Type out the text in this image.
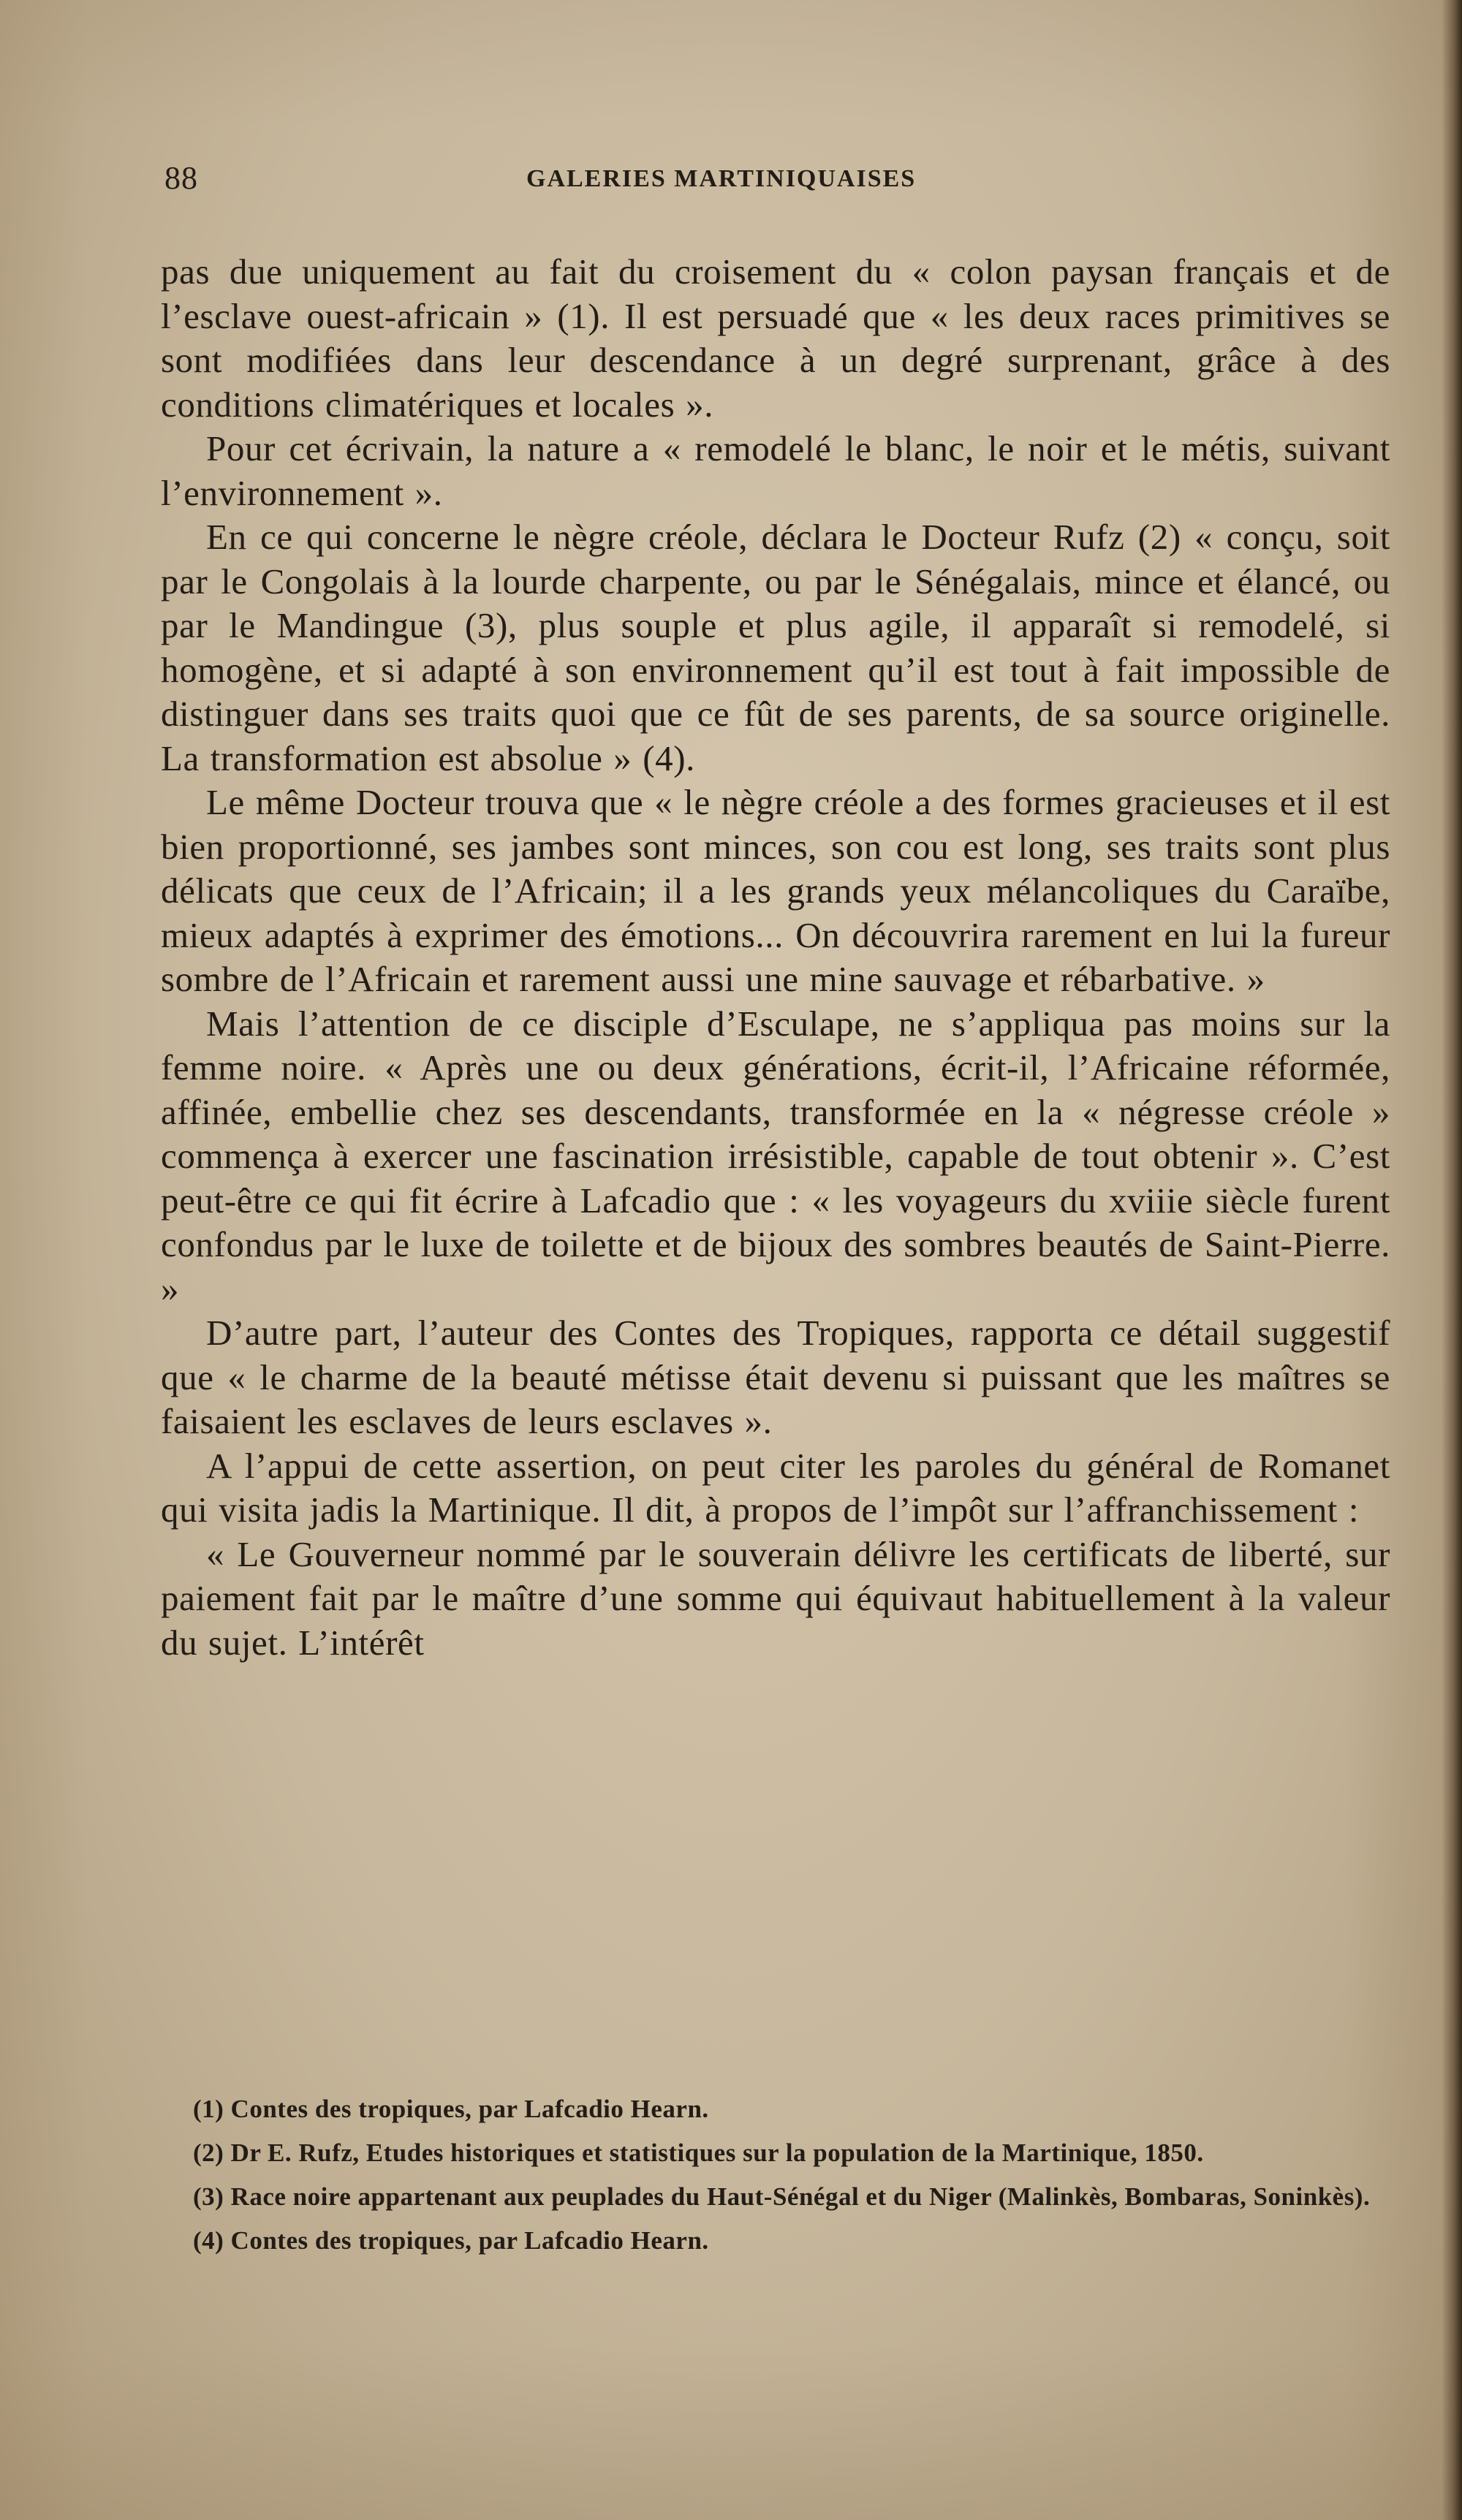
88	GALERIES MARTINIQUAISES

pas due uniquement au fait du croisement du « colon paysan français et de l’esclave ouest-africain » (1). Il est persuadé que « les deux races primitives se sont modifiées dans leur descendance à un degré surprenant, grâce à des conditions climatériques et locales ».

Pour cet écrivain, la nature a « remodelé le blanc, le noir et le métis, suivant l’environnement ».

En ce qui concerne le nègre créole, déclara le Docteur Rufz (2) « conçu, soit par le Congolais à la lourde charpente, ou par le Sénégalais, mince et élancé, ou par le Mandingue (3), plus souple et plus agile, il apparaît si remodelé, si homogène, et si adapté à son environnement qu’il est tout à fait impossible de distinguer dans ses traits quoi que ce fût de ses parents, de sa source originelle. La transformation est absolue » (4).

Le même Docteur trouva que « le nègre créole a des formes gracieuses et il est bien proportionné, ses jambes sont minces, son cou est long, ses traits sont plus délicats que ceux de l’Africain; il a les grands yeux mélancoliques du Caraïbe, mieux adaptés à exprimer des émotions... On découvrira rarement en lui la fureur sombre de l’Africain et rarement aussi une mine sauvage et rébarbative. »

Mais l’attention de ce disciple d’Esculape, ne s’appliqua pas moins sur la femme noire. « Après une ou deux générations, écrit-il, l’Africaine réformée, affinée, embellie chez ses descendants, transformée en la « négresse créole » commença à exercer une fascination irrésistible, capable de tout obtenir ». C’est peut-être ce qui fit écrire à Lafcadio que : « les voyageurs du xviiie siècle furent confondus par le luxe de toilette et de bijoux des sombres beautés de Saint-Pierre. »

D’autre part, l’auteur des Contes des Tropiques, rapporta ce détail suggestif que « le charme de la beauté métisse était devenu si puissant que les maîtres se faisaient les esclaves de leurs esclaves ».

A l’appui de cette assertion, on peut citer les paroles du général de Romanet qui visita jadis la Martinique. Il dit, à propos de l’impôt sur l’affranchissement :

« Le Gouverneur nommé par le souverain délivre les certificats de liberté, sur paiement fait par le maître d’une somme qui équivaut habituellement à la valeur du sujet. L’intérêt

(1) Contes des tropiques, par Lafcadio Hearn.

(2) Dr E. Rufz, Etudes historiques et statistiques sur la population de la Martinique, 1850.

(3) Race noire appartenant aux peuplades du Haut-Sénégal et du Niger (Malinkès, Bombaras, Soninkès).

(4) Contes des tropiques, par Lafcadio Hearn.
